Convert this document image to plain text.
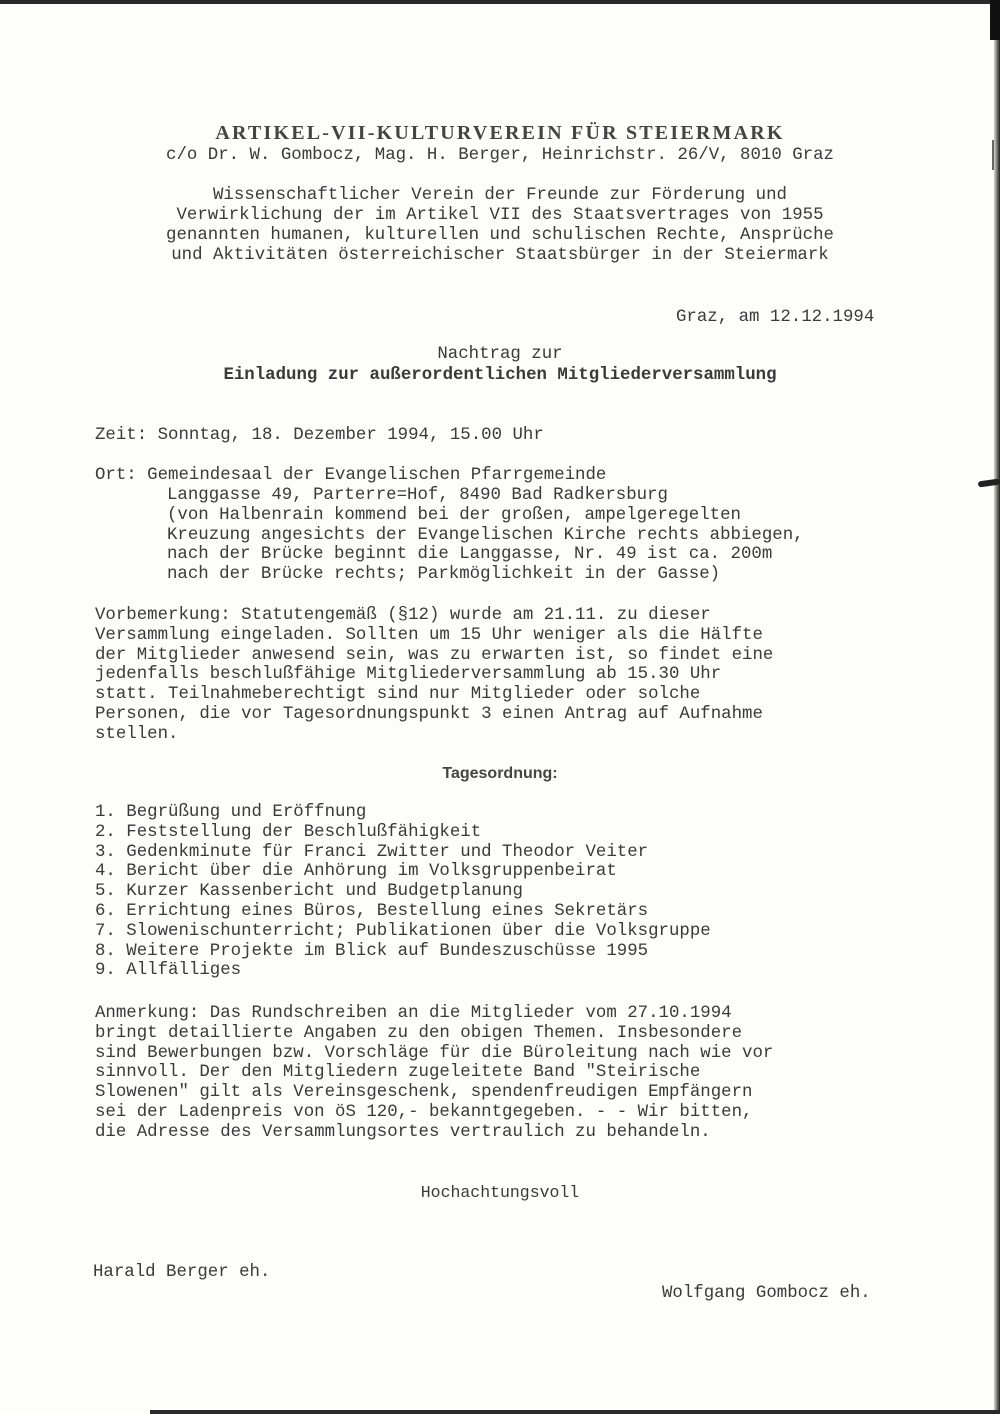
ARTIKEL-VII-KULTURVEREIN FÜR STEIERMARK
c/o Dr. W. Gombocz, Mag. H. Berger, Heinrichstr. 26/V, 8010 Graz
Wissenschaftlicher Verein der Freunde zur Förderung und
Verwirklichung der im Artikel VII des Staatsvertrages von 1955
genannten humanen, kulturellen und schulischen Rechte, Ansprüche
und Aktivitäten österreichischer Staatsbürger in der Steiermark
Graz, am 12.12.1994
Nachtrag zur
Einladung zur außerordentlichen Mitgliederversammlung
Zeit: Sonntag, 18. Dezember 1994, 15.00 Uhr
Ort: Gemeindesaal der Evangelischen Pfarrgemeinde
Langgasse 49, Parterre=Hof, 8490 Bad Radkersburg
(von Halbenrain kommend bei der großen, ampelgeregelten
Kreuzung angesichts der Evangelischen Kirche rechts abbiegen,
nach der Brücke beginnt die Langgasse, Nr. 49 ist ca. 200m
nach der Brücke rechts; Parkmöglichkeit in der Gasse)
Vorbemerkung: Statutengemäß (§12) wurde am 21.11. zu dieser
Versammlung eingeladen. Sollten um 15 Uhr weniger als die Hälfte
der Mitglieder anwesend sein, was zu erwarten ist, so findet eine
jedenfalls beschlußfähige Mitgliederversammlung ab 15.30 Uhr
statt. Teilnahmeberechtigt sind nur Mitglieder oder solche
Personen, die vor Tagesordnungspunkt 3 einen Antrag auf Aufnahme
stellen.
Tagesordnung:
1. Begrüßung und Eröffnung
2. Feststellung der Beschlußfähigkeit
3. Gedenkminute für Franci Zwitter und Theodor Veiter
4. Bericht über die Anhörung im Volksgruppenbeirat
5. Kurzer Kassenbericht und Budgetplanung
6. Errichtung eines Büros, Bestellung eines Sekretärs
7. Slowenischunterricht; Publikationen über die Volksgruppe
8. Weitere Projekte im Blick auf Bundeszuschüsse 1995
9. Allfälliges
Anmerkung: Das Rundschreiben an die Mitglieder vom 27.10.1994
bringt detaillierte Angaben zu den obigen Themen. Insbesondere
sind Bewerbungen bzw. Vorschläge für die Büroleitung nach wie vor
sinnvoll. Der den Mitgliedern zugeleitete Band "Steirische
Slowenen" gilt als Vereinsgeschenk, spendenfreudigen Empfängern
sei der Ladenpreis von öS 120,- bekanntgegeben. - - Wir bitten,
die Adresse des Versammlungsortes vertraulich zu behandeln.
Hochachtungsvoll
Harald Berger eh.
Wolfgang Gombocz eh.
